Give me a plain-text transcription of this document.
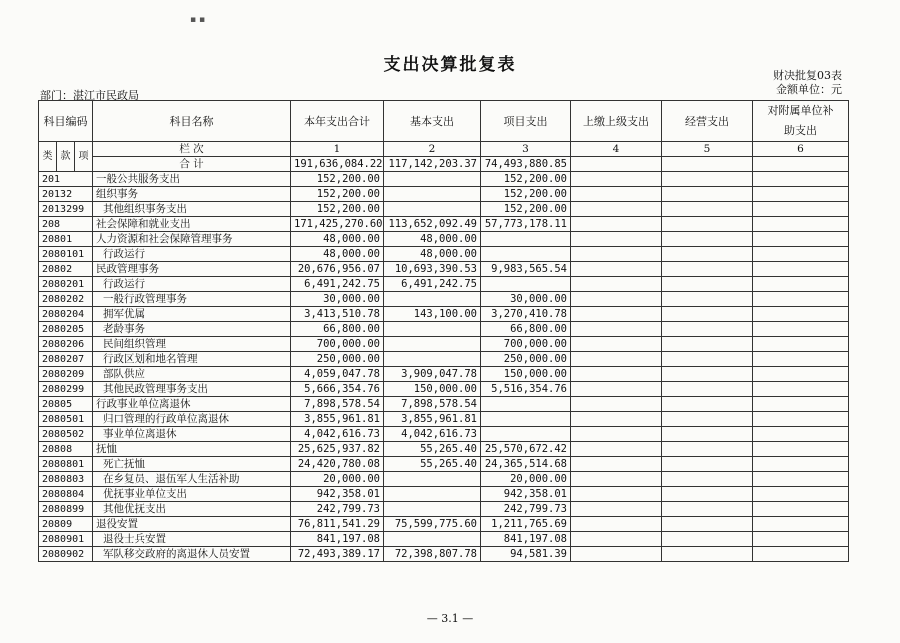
▪ ▪
支出决算批复表
财决批复03表
金额单位：元
部门：湛江市民政局
科目编码			科目名称	本年支出合计	基本支出	项目支出	上缴上级支出	经营支出	对附属单位补助支出

类	款	项	栏 次	1	2	3	4	5	6
			合 计	191,636,084.22	117,142,203.37	74,493,880.85			
201			一般公共服务支出	152,200.00		152,200.00			
20132			组织事务	152,200.00		152,200.00			
2013299			其他组织事务支出	152,200.00		152,200.00			
208			社会保障和就业支出	171,425,270.60	113,652,092.49	57,773,178.11			
20801			人力资源和社会保障管理事务	48,000.00	48,000.00				
2080101			行政运行	48,000.00	48,000.00				
20802			民政管理事务	20,676,956.07	10,693,390.53	9,983,565.54			
2080201			行政运行	6,491,242.75	6,491,242.75				
2080202			一般行政管理事务	30,000.00		30,000.00			
2080204			拥军优属	3,413,510.78	143,100.00	3,270,410.78			
2080205			老龄事务	66,800.00		66,800.00			
2080206			民间组织管理	700,000.00		700,000.00			
2080207			行政区划和地名管理	250,000.00		250,000.00			
2080209			部队供应	4,059,047.78	3,909,047.78	150,000.00			
2080299			其他民政管理事务支出	5,666,354.76	150,000.00	5,516,354.76			
20805			行政事业单位离退休	7,898,578.54	7,898,578.54				
2080501			归口管理的行政单位离退休	3,855,961.81	3,855,961.81				
2080502			事业单位离退休	4,042,616.73	4,042,616.73				
20808			抚恤	25,625,937.82	55,265.40	25,570,672.42			
2080801			死亡抚恤	24,420,780.08	55,265.40	24,365,514.68			
2080803			在乡复员、退伍军人生活补助	20,000.00		20,000.00			
2080804			优抚事业单位支出	942,358.01		942,358.01			
2080899			其他优抚支出	242,799.73		242,799.73			
20809			退役安置	76,811,541.29	75,599,775.60	1,211,765.69			
2080901			退役士兵安置	841,197.08		841,197.08			
2080902			军队移交政府的离退休人员安置	72,493,389.17	72,398,807.78	94,581.39			
— 3.1 —
